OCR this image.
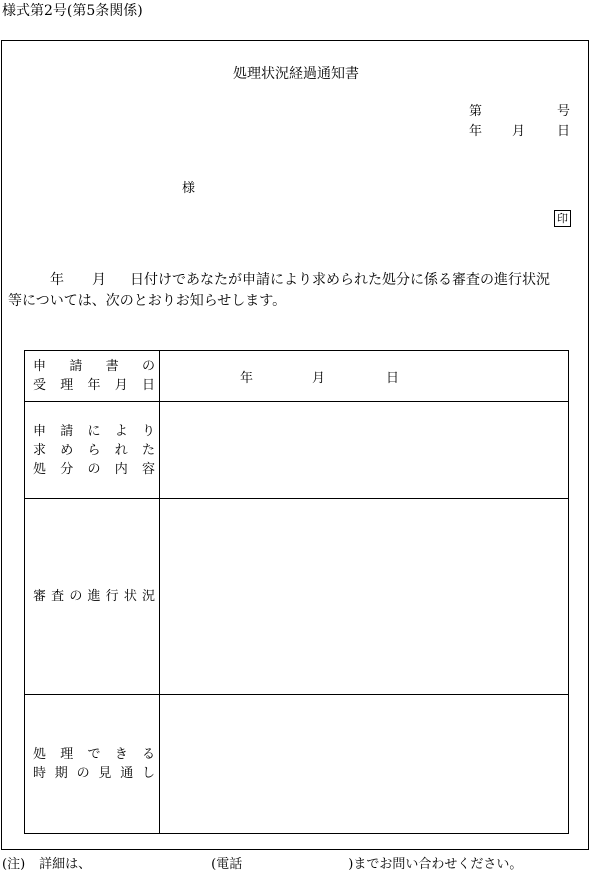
様式第2号(第5条関係)
処理状況経過通知書
第	号
年 月 日
様
印

年 月 日付けであなたが申請により求められた処分に係る審査の進行状況

等については、次のとおりお知らせします。

申請書の
受理年月日	年 月 日

申請により
求められた
処分の内容	

審査の進行状況	

処理できる
時期の見通し	

(注) 詳細は、	(電話	)までお問い合わせください。
